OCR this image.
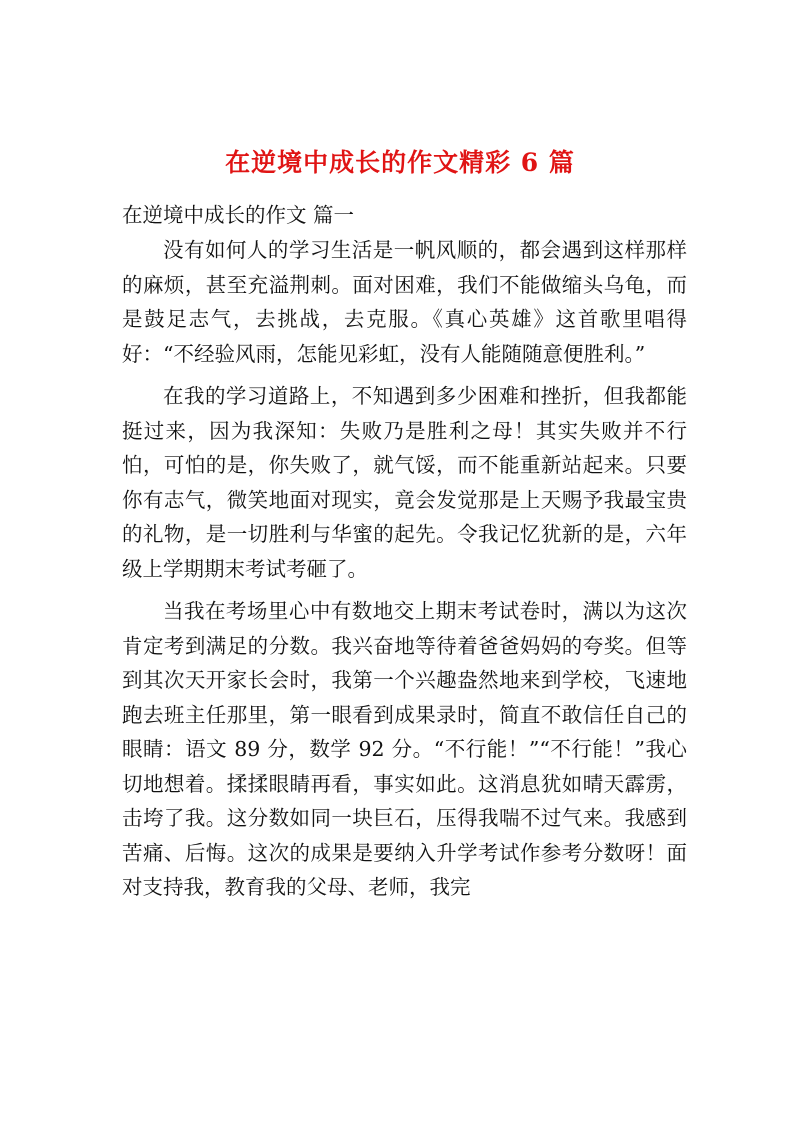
在逆境中成长的作文精彩 6 篇
在逆境中成长的作文 篇一

没有如何人的学习生活是一帆风顺的，都会遇到这样那样的麻烦，甚至充溢荆刺。面对困难，我们不能做缩头乌龟，而是鼓足志气，去挑战，去克服。《真心英雄》这首歌里唱得好：“不经验风雨，怎能见彩虹，没有人能随随意便胜利。”

在我的学习道路上，不知遇到多少困难和挫折，但我都能挺过来，因为我深知：失败乃是胜利之母！其实失败并不行怕，可怕的是，你失败了，就气馁，而不能重新站起来。只要你有志气，微笑地面对现实，竟会发觉那是上天赐予我最宝贵的礼物，是一切胜利与华蜜的起先。令我记忆犹新的是，六年级上学期期末考试考砸了。

当我在考场里心中有数地交上期末考试卷时，满以为这次肯定考到满足的分数。我兴奋地等待着爸爸妈妈的夸奖。但等到其次天开家长会时，我第一个兴趣盎然地来到学校，飞速地跑去班主任那里，第一眼看到成果录时，简直不敢信任自己的眼睛：语文 89 分，数学 92 分。“不行能！”“不行能！”我心切地想着。揉揉眼睛再看，事实如此。这消息犹如晴天霹雳，击垮了我。这分数如同一块巨石，压得我喘不过气来。我感到苦痛、后悔。这次的成果是要纳入升学考试作参考分数呀！面对支持我，教育我的父母、老师，我完
